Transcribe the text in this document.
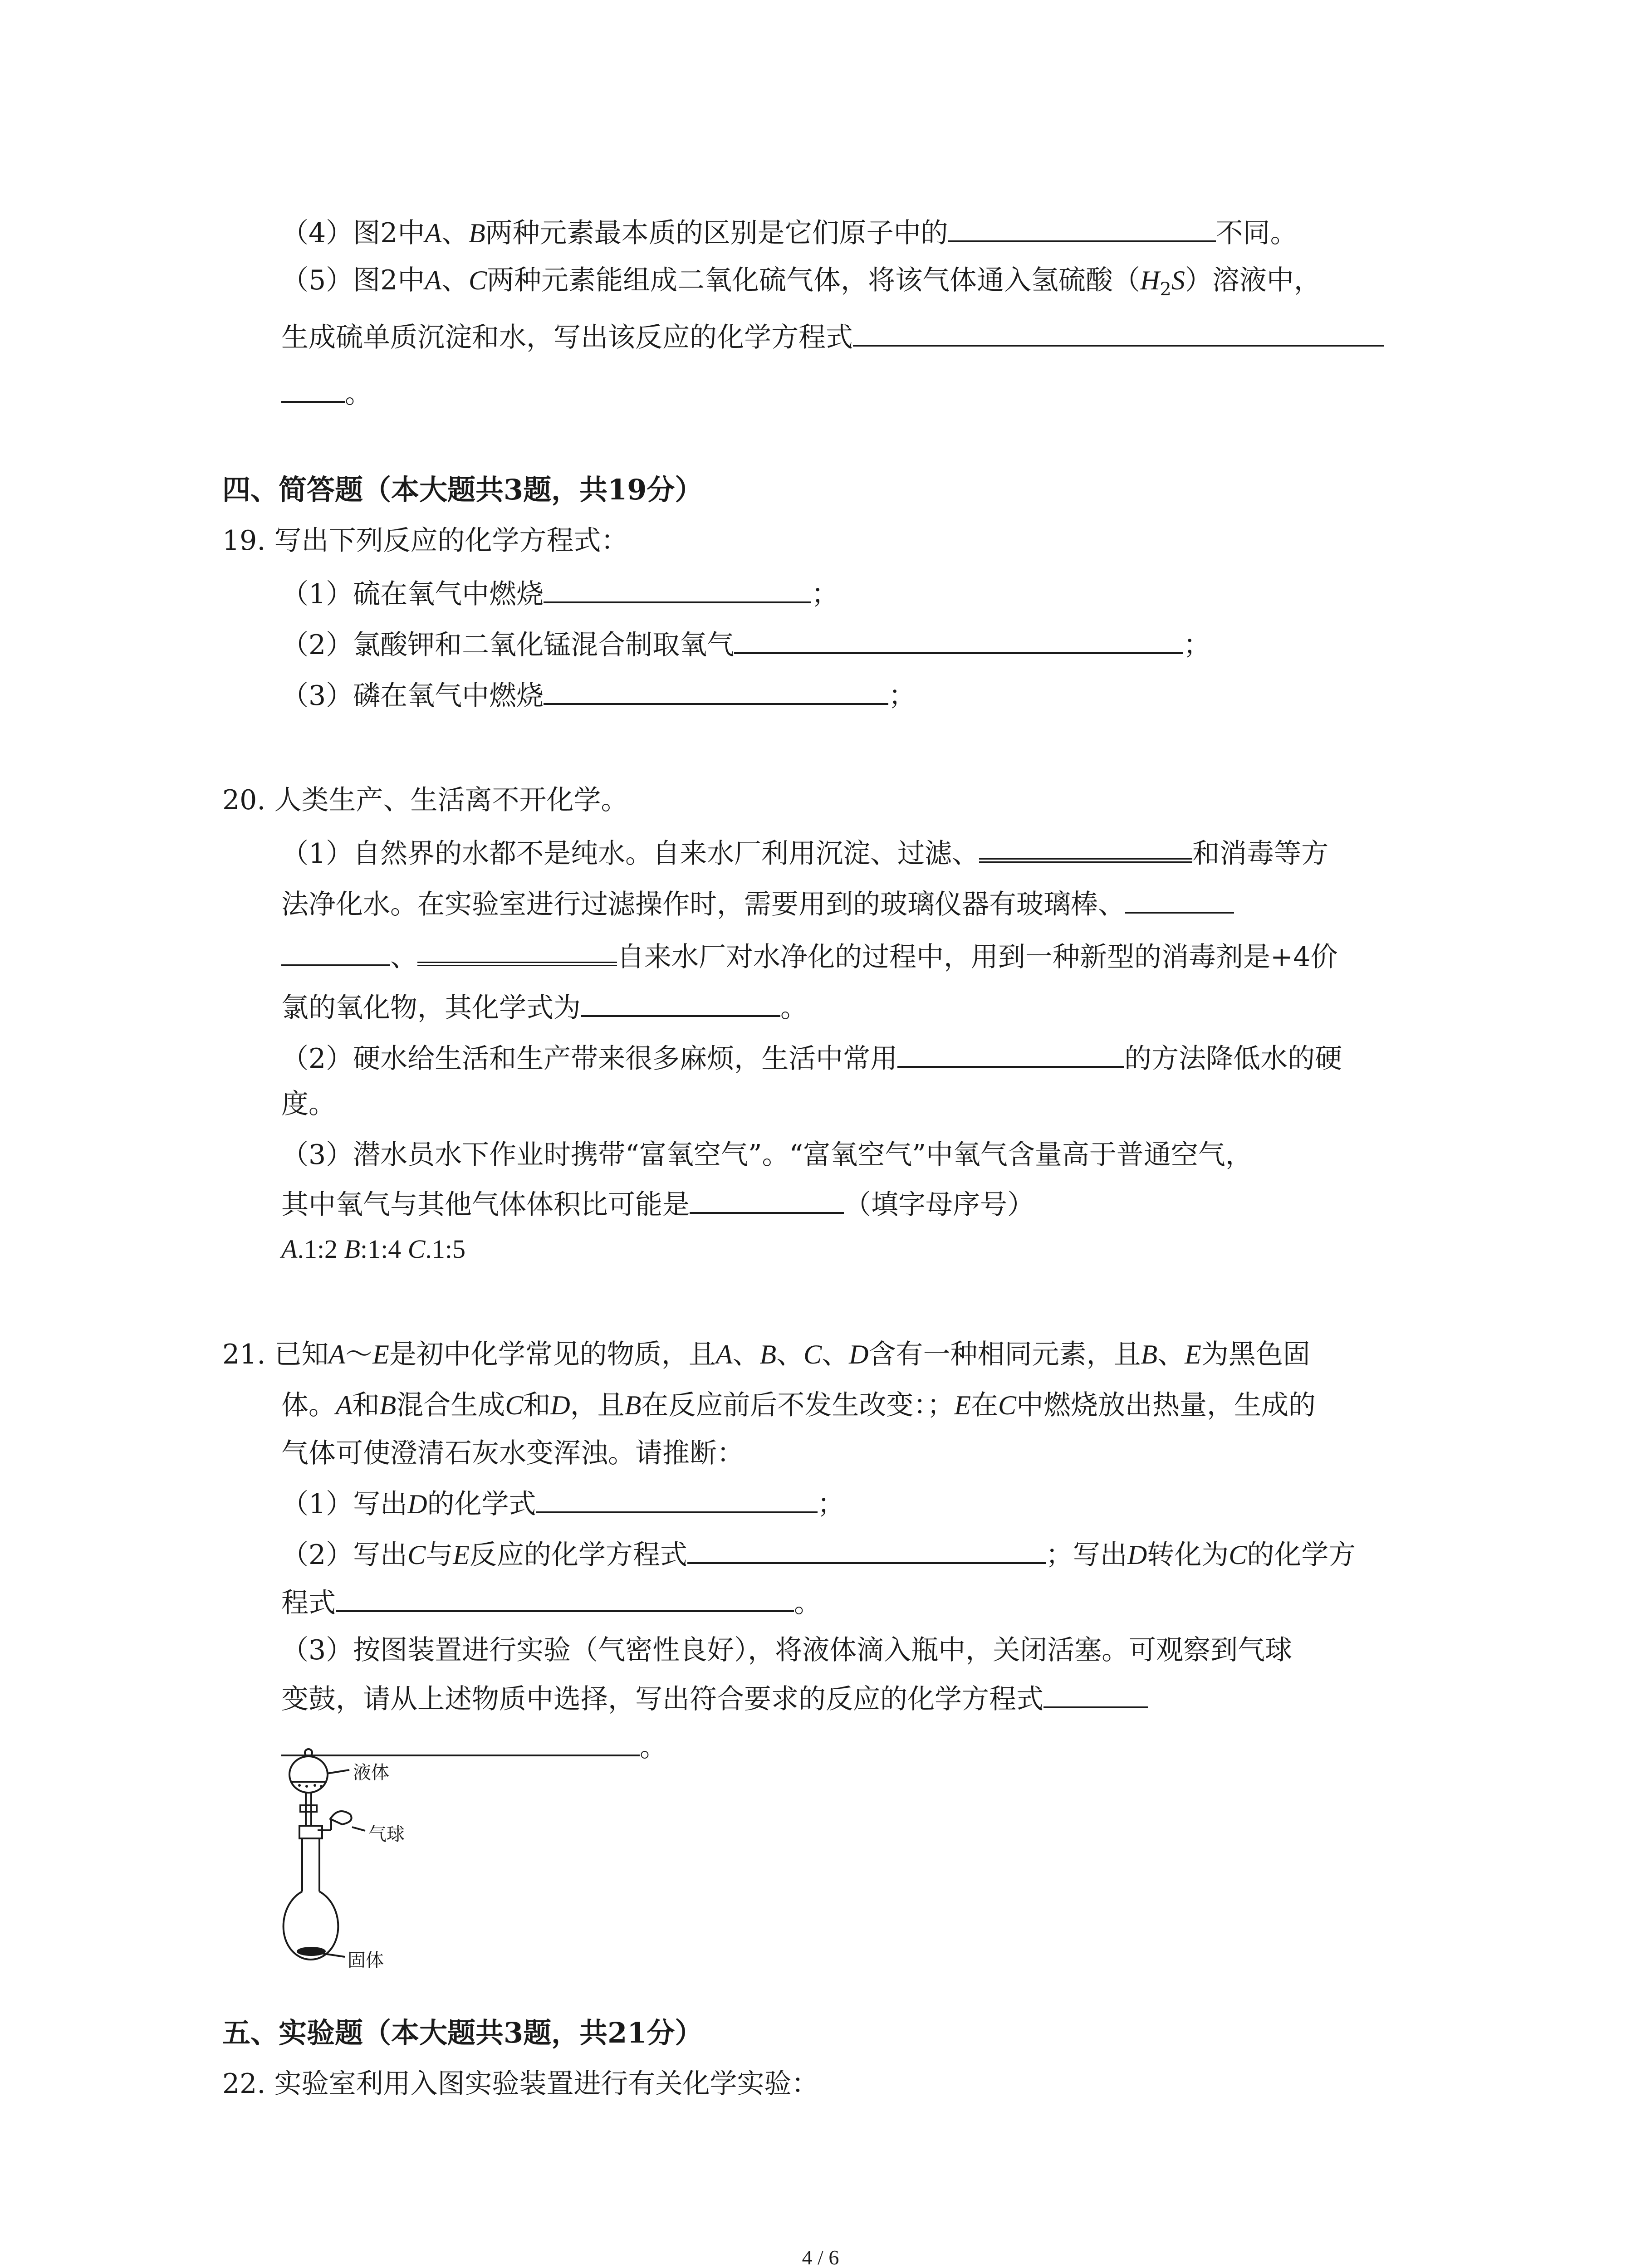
（4）图2中A、B两种元素最本质的区别是它们原子中的	不同。
（5）图2中A、C两种元素能组成二氧化硫气体，将该气体通入氢硫酸$(H_2S)$溶液中，
生成硫单质沉淀和水，写出该反应的化学方程式
。
四、简答题（本大题共3题，共19分）
19. 写出下列反应的化学方程式：
（1）硫在氧气中燃烧	；
（2）氯酸钾和二氧化锰混合制取氧气	；
（3）磷在氧气中燃烧	；
20. 人类生产、生活离不开化学。
（1）自然界的水都不是纯水。自来水厂利用沉淀、过滤、	和消毒等方
法净化水。在实验室进行过滤操作时，需要用到的玻璃仪器有玻璃棒、
、	自来水厂对水净化的过程中，用到一种新型的消毒剂是+4价
氯的氧化物，其化学式为	。
（2）硬水给生活和生产带来很多麻烦，生活中常用	的方法降低水的硬
度。
（3）潜水员水下作业时携带“富氧空气”。“富氧空气”中氧气含量高于普通空气，
其中氧气与其他气体体积比可能是	（填字母序号）
A.1:2 B:1:4 C.1:5
21. 已知A～E是初中化学常见的物质，且A、B、C、D含有一种相同元素，且B、E为黑色固
体。A和B混合生成C和D，且B在反应前后不发生改变：；E在C中燃烧放出热量，生成的
气体可使澄清石灰水变浑浊。请推断：
（1）写出D的化学式	；
（2）写出C与E反应的化学方程式	；写出D转化为C的化学方
程式	。
（3）按图装置进行实验（气密性良好），将液体滴入瓶中，关闭活塞。可观察到气球
变鼓，请从上述物质中选择，写出符合要求的反应的化学方程式
。
液体
气球
固体
五、实验题（本大题共3题，共21分）
22. 实验室利用入图实验装置进行有关化学实验：
4 / 6
